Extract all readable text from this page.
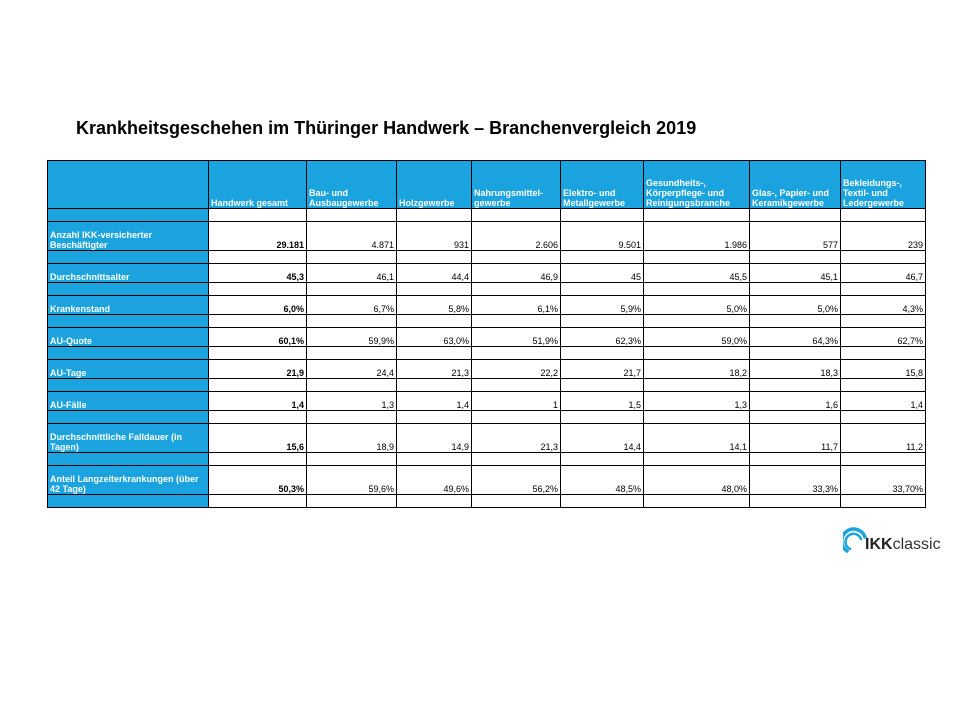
Krankheitsgeschehen im Thüringer Handwerk – Branchenvergleich 2019
	Handwerk gesamt	Bau- und Ausbaugewerbe	Holzgewerbe	Nahrungsmittel-gewerbe	Elektro- und Metallgewerbe	Gesundheits-, Körperpflege- und Reinigungsbranche	Glas-, Papier- und Keramikgewerbe	Bekleidungs-, Textil- und Ledergewerbe

Anzahl IKK-versicherter Beschäftigter	29.181	4.871	931	2.606	9.501	1.986	577	239

Durchschnittsalter	45,3	46,1	44,4	46,9	45	45,5	45,1	46,7

Krankenstand	6,0%	6,7%	5,8%	6,1%	5,9%	5,0%	5,0%	4,3%

AU-Quote	60,1%	59,9%	63,0%	51,9%	62,3%	59,0%	64,3%	62,7%

AU-Tage	21,9	24,4	21,3	22,2	21,7	18,2	18,3	15,8

AU-Fälle	1,4	1,3	1,4	1	1,5	1,3	1,6	1,4

Durchschnittliche Falldauer (in Tagen)	15,6	18,9	14,9	21,3	14,4	14,1	11,7	11,2

Anteil Langzeiterkrankungen (über 42 Tage)	50,3%	59,6%	49,6%	56,2%	48,5%	48,0%	33,3%	33,70%

IKKclassic
